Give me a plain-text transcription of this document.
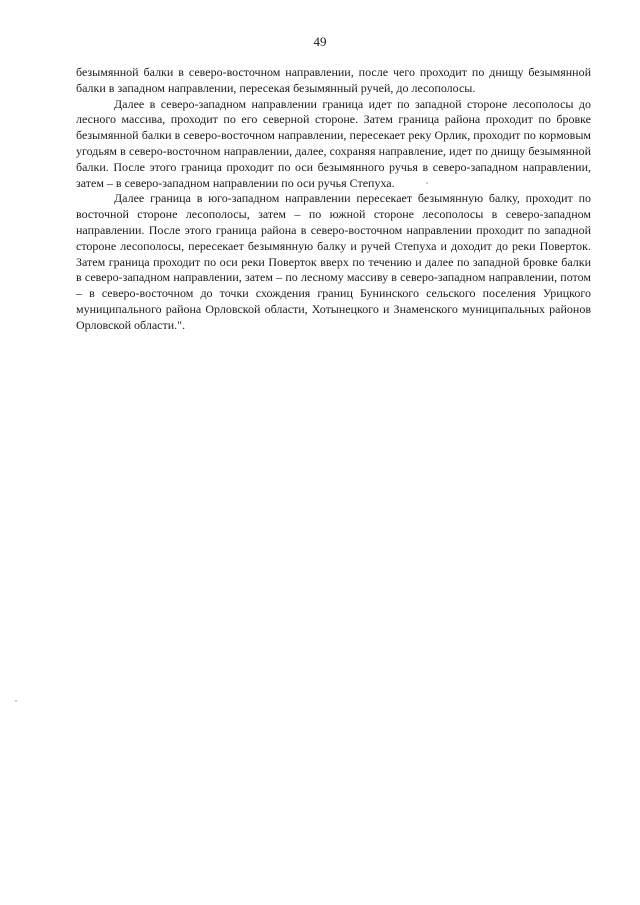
49

безымянной балки в северо-восточном направлении, после чего проходит по днищу безымянной балки в западном направлении, пересекая безымянный ручей, до лесополосы.

Далее в северо-западном направлении граница идет по западной стороне лесополосы до лесного массива, проходит по его северной стороне. Затем граница района проходит по бровке безымянной балки в северо-восточном направлении, пересекает реку Орлик, проходит по кормовым угодьям в северо-восточном направлении, далее, сохраняя направление, идет по днищу безымянной балки. После этого граница проходит по оси безымянного ручья в северо-западном направлении, затем – в северо-западном направлении по оси ручья Степуха.

Далее граница в юго-западном направлении пересекает безымянную балку, проходит по восточной стороне лесополосы, затем – по южной стороне лесополосы в северо-западном направлении. После этого граница района в северо-восточном направлении проходит по западной стороне лесополосы, пересекает безымянную балку и ручей Степуха и доходит до реки Поверток. Затем граница проходит по оси реки Поверток вверх по течению и далее по западной бровке балки в северо-западном направлении, затем – по лесному массиву в северо-западном направлении, потом – в северо-восточном до точки схождения границ Бунинского сельского поселения Урицкого муниципального района Орловской области, Хотынецкого и Знаменского муниципальных районов Орловской области.".
